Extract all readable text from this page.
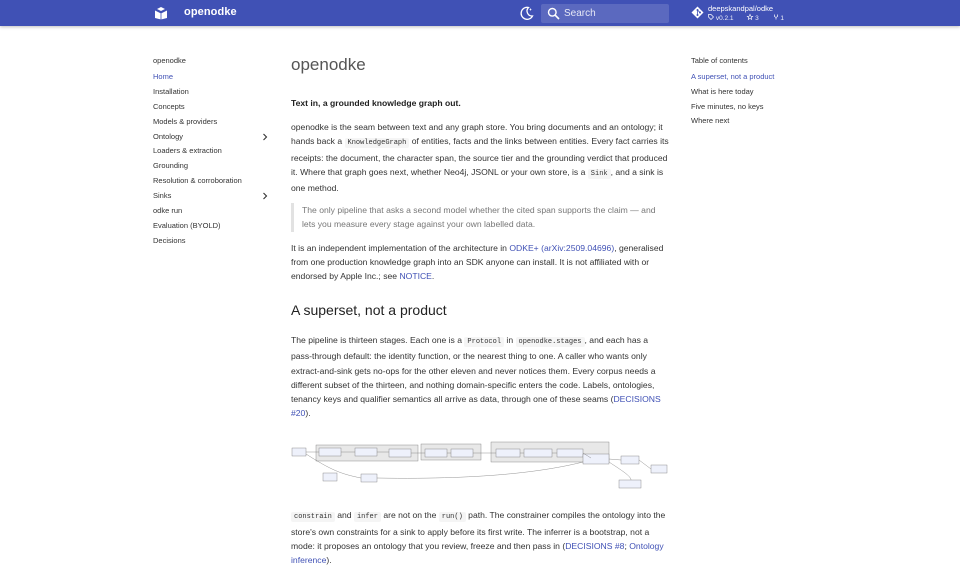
openodke
Search	deepskandpal/odke
v0.2.1	3	1
openodke
Home
Installation
Concepts
Models & providers
Ontology
Loaders & extraction
Grounding
Resolution & corroboration
Sinks
odke run
Evaluation (BYOLD)
Decisions
openodke

Text in, a grounded knowledge graph out.

openodke is the seam between text and any graph store. You bring documents and an ontology; it hands back a KnowledgeGraph of entities, facts and the links between entities. Every fact carries its receipts: the document, the character span, the source tier and the grounding verdict that produced it. Where that graph goes next, whether Neo4j, JSONL or your own store, is a Sink , and a sink is one method.

The only pipeline that asks a second model whether the cited span supports the claim — and lets you measure every stage against your own labelled data.

It is an independent implementation of the architecture in ODKE+ (arXiv:2509.04696), generalised from one production knowledge graph into an SDK anyone can install. It is not affiliated with or endorsed by Apple Inc.; see NOTICE.

A superset, not a product

The pipeline is thirteen stages. Each one is a Protocol in openodke.stages , and each has a pass-through default: the identity function, or the nearest thing to one. A caller who wants only extract-and-sink gets no-ops for the other eleven and never notices them. Every corpus needs a different subset of the thirteen, and nothing domain-specific enters the code. Labels, ontologies, tenancy keys and qualifier semantics all arrive as data, through one of these seams (DECISIONS #20).

constrain and infer are not on the run() path. The constrainer compiles the ontology into the store's own constraints for a sink to apply before its first write. The inferrer is a bootstrap, not a mode: it proposes an ontology that you review, freeze and then pass in (DECISIONS #8; Ontology inference).

Table of contents
A superset, not a product
What is here today
Five minutes, no keys
Where next
